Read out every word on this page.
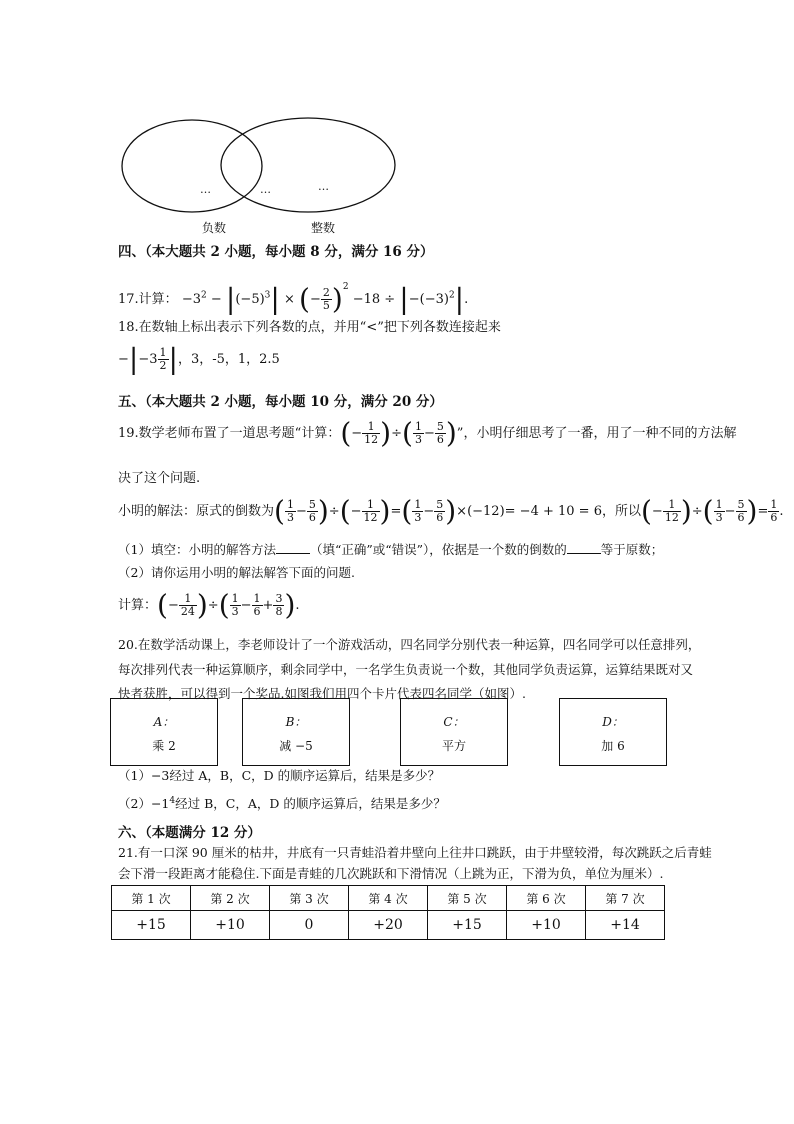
…	…	…
负数	整数
四、（本大题共 2 小题，每小题 8 分，满分 16 分）
17.计算： $-3^2 - |(-5)^3|$ × (− $\frac{2}{5} )^2 -18 \div |-(-3)^2|$.
18.在数轴上标出表示下列各数的点，并用“<”把下列各数连接起来
$-|-3 \frac{1}{2}$ |，3，-5，1，2.5
五、（本大题共 2 小题，每小题 10 分，满分 20 分）
19.数学老师布置了一道思考题“计算：(− $\frac{1}{12}$ )÷( $\frac{1}{3} - \frac{5}{6}$ )”，小明仔细思考了一番，用了一种不同的方法解
决了这个问题.
小明的解法：原式的倒数为( $\frac{1}{3} - \frac{5}{6}$ )÷(− $\frac{1}{12}$ )=( $\frac{1}{3} - \frac{5}{6} )\times(-12)= -4 + 10 = 6$，所以(− $\frac{1}{12}$ )÷( $\frac{1}{3} - \frac{5}{6}$ )= $\frac{1}{6}$ .
（1）填空：小明的解答方法	（填“正确”或“错误”），依据是一个数的倒数的	等于原数；
（2）请你运用小明的解法解答下面的问题.
计算：(− $\frac{1}{24}$ )÷( $\frac{1}{3} - \frac{1}{6} + \frac{3}{8}$ ).
20.在数学活动课上，李老师设计了一个游戏活动，四名同学分别代表一种运算，四名同学可以任意排列，
每次排列代表一种运算顺序，剩余同学中，一名学生负责说一个数，其他同学负责运算，运算结果既对又
快者获胜，可以得到一个奖品.如图我们用四个卡片代表四名同学（如图）.
A：
乘 2
B：
减 −5
C：
平方
D：
加 6
（1）−3经过 A，B，C，D 的顺序运算后，结果是多少？
$(2)-1^4$经过 B，C，A，D 的顺序运算后，结果是多少？
六、（本题满分 12 分）
21.有一口深 90 厘米的枯井，井底有一只青蛙沿着井壁向上往井口跳跃，由于井壁较滑，每次跳跃之后青蛙
会下滑一段距离才能稳住.下面是青蛙的几次跳跃和下滑情况（上跳为正，下滑为负，单位为厘米）.
第 1 次	第 2 次	第 3 次	第 4 次	第 5 次	第 6 次	第 7 次
+15	+10	0	+20	+15	+10	+14
